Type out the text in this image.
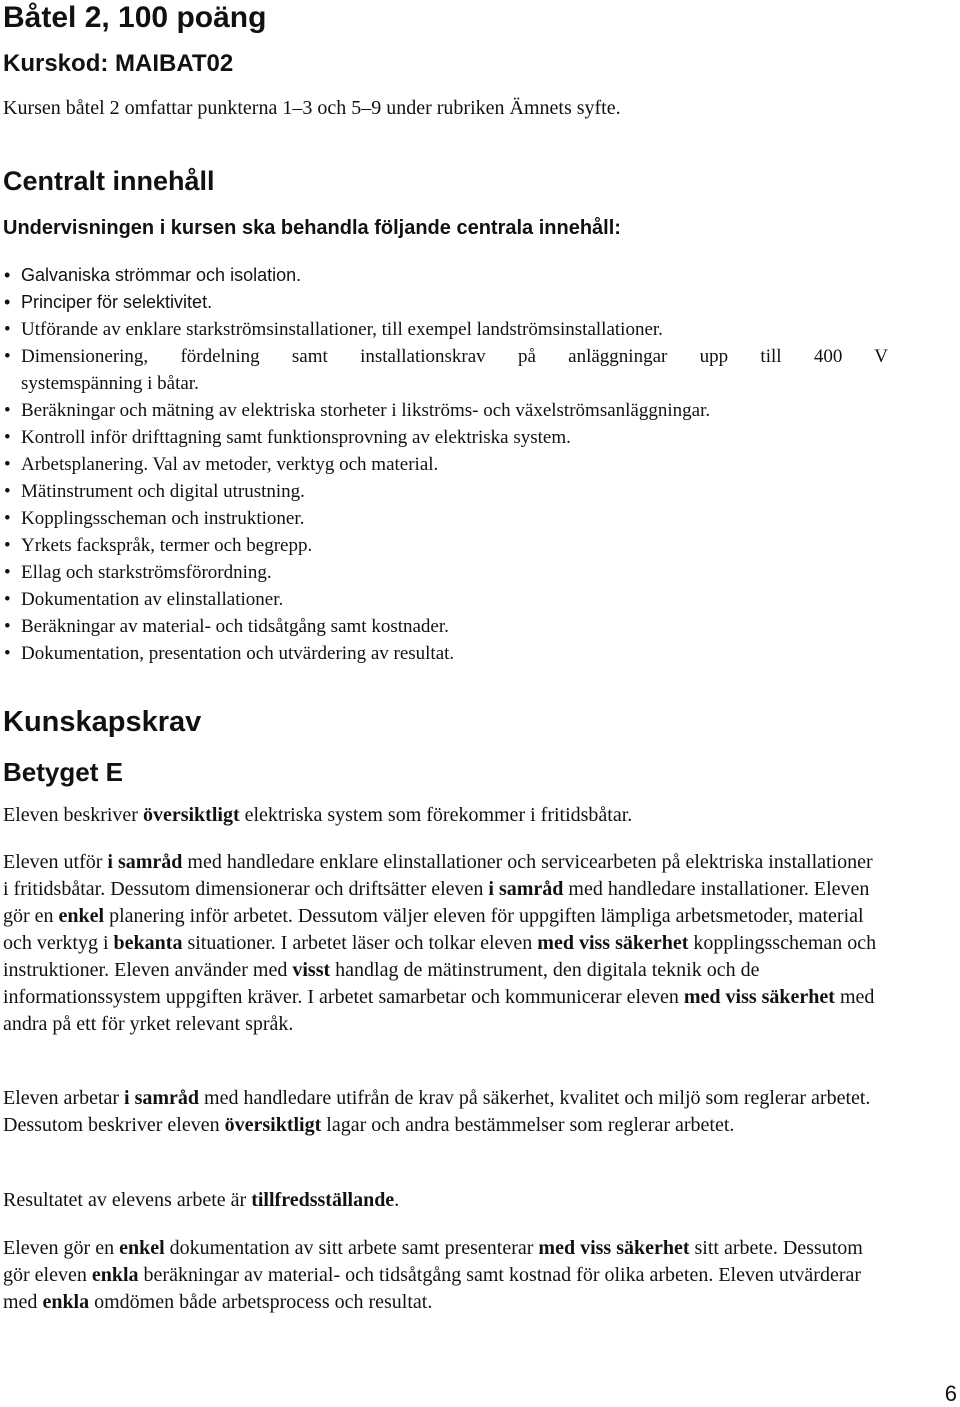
Båtel 2, 100 poäng
Kurskod: MAIBAT02

Kursen båtel 2 omfattar punkterna 1–3 och 5–9 under rubriken Ämnets syfte.

Centralt innehåll

Undervisningen i kursen ska behandla följande centrala innehåll:

• Galvaniska strömmar och isolation.
• Principer för selektivitet.
• Utförande av enklare starkströmsinstallationer, till exempel landströmsinstallationer.
• Dimensionering, fördelning samt installationskrav på anläggningar upp till 400 V
systemspänning i båtar.
• Beräkningar och mätning av elektriska storheter i likströms- och växelströmsanläggningar.
• Kontroll inför drifttagning samt funktionsprovning av elektriska system.
• Arbetsplanering. Val av metoder, verktyg och material.
• Mätinstrument och digital utrustning.
• Kopplingsscheman och instruktioner.
• Yrkets fackspråk, termer och begrepp.
• Ellag och starkströmsförordning.
• Dokumentation av elinstallationer.
• Beräkningar av material- och tidsåtgång samt kostnader.
• Dokumentation, presentation och utvärdering av resultat.
Kunskapskrav
Betyget E

Eleven beskriver översiktligt elektriska system som förekommer i fritidsbåtar.

Eleven utför i samråd med handledare enklare elinstallationer och servicearbeten på elektriska installationer i fritidsbåtar. Dessutom dimensionerar och driftsätter eleven i samråd med handledare installationer. Eleven gör en enkel planering inför arbetet. Dessutom väljer eleven för uppgiften lämpliga arbetsmetoder, material och verktyg i bekanta situationer. I arbetet läser och tolkar eleven med viss säkerhet kopplingsscheman och instruktioner. Eleven använder med visst handlag de mätinstrument, den digitala teknik och de informationssystem uppgiften kräver. I arbetet samarbetar och kommunicerar eleven med viss säkerhet med andra på ett för yrket relevant språk.

Eleven arbetar i samråd med handledare utifrån de krav på säkerhet, kvalitet och miljö som reglerar arbetet. Dessutom beskriver eleven översiktligt lagar och andra bestämmelser som reglerar arbetet.

Resultatet av elevens arbete är tillfredsställande.

Eleven gör en enkel dokumentation av sitt arbete samt presenterar med viss säkerhet sitt arbete. Dessutom gör eleven enkla beräkningar av material- och tidsåtgång samt kostnad för olika arbeten. Eleven utvärderar med enkla omdömen både arbetsprocess och resultat.

6
